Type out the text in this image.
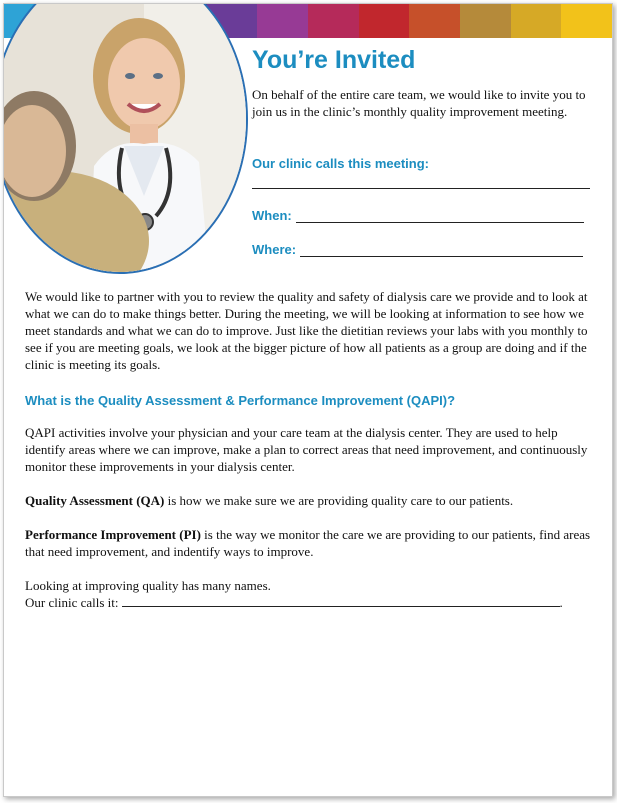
You’re Invited

On behalf of the entire care team, we would like to invite you to join us in the clinic’s monthly quality improvement meeting.

Our clinic calls this meeting:
When:
Where:

We would like to partner with you to review the quality and safety of dialysis care we provide and to look at what we can do to make things better. During the meeting, we will be looking at information to see how we meet standards and what we can do to improve. Just like the dietitian reviews your labs with you monthly to see if you are meeting goals, we look at the bigger picture of how all patients as a group are doing and if the clinic is meeting its goals.

What is the Quality Assessment & Performance Improvement (QAPI)?

QAPI activities involve your physician and your care team at the dialysis center. They are used to help identify areas where we can improve, make a plan to correct areas that need improvement, and continuously monitor these improvements in your dialysis center.

Quality Assessment (QA) is how we make sure we are providing quality care to our patients.

Performance Improvement (PI) is the way we monitor the care we are providing to our patients, find areas that need improvement, and indentify ways to improve.

Looking at improving quality has many names.
Our clinic calls it:	.
